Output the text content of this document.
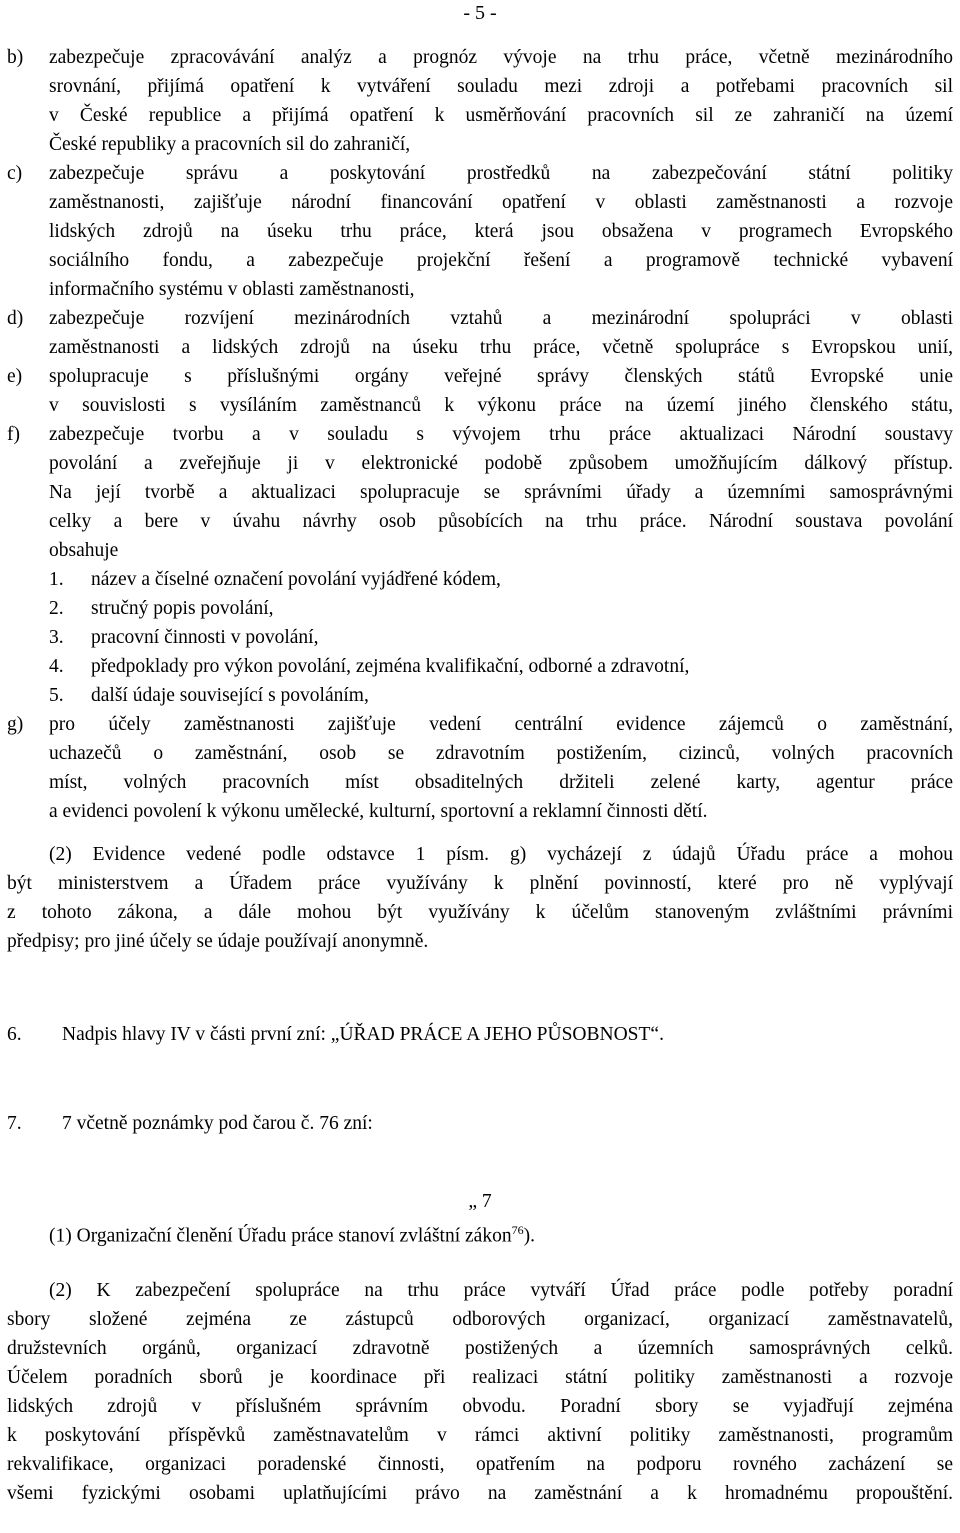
- 5 -
b)	zabezpečuje zpracovávání analýz a prognóz vývoje na trhu práce, včetně mezinárodního
srovnání, přijímá opatření k vytváření souladu mezi zdroji a potřebami pracovních sil
v České republice a přijímá opatření k usměrňování pracovních sil ze zahraničí na území
České republiky a pracovních sil do zahraničí,
c)	zabezpečuje správu a poskytování prostředků na zabezpečování státní politiky
zaměstnanosti, zajišťuje národní financování opatření v oblasti zaměstnanosti a rozvoje
lidských zdrojů na úseku trhu práce, která jsou obsažena v programech Evropského
sociálního fondu, a zabezpečuje projekční řešení a programově technické vybavení
informačního systému v oblasti zaměstnanosti,
d)	zabezpečuje rozvíjení mezinárodních vztahů a mezinárodní spolupráci v oblasti
zaměstnanosti a lidských zdrojů na úseku trhu práce, včetně spolupráce s Evropskou unií,
e)	spolupracuje s příslušnými orgány veřejné správy členských států Evropské unie
v souvislosti s vysíláním zaměstnanců k výkonu práce na území jiného členského státu,
f)	zabezpečuje tvorbu a v souladu s vývojem trhu práce aktualizaci Národní soustavy
povolání a zveřejňuje ji v elektronické podobě způsobem umožňujícím dálkový přístup.
Na její tvorbě a aktualizaci spolupracuje se správními úřady a územními samosprávnými
celky a bere v úvahu návrhy osob působících na trhu práce. Národní soustava povolání
obsahuje
1.	název a číselné označení povolání vyjádřené kódem,
2.	stručný popis povolání,
3.	pracovní činnosti v povolání,
4.	předpoklady pro výkon povolání, zejména kvalifikační, odborné a zdravotní,
5.	další údaje související s povoláním,
g)	pro účely zaměstnanosti zajišťuje vedení centrální evidence zájemců o zaměstnání,
uchazečů o zaměstnání, osob se zdravotním postižením, cizinců, volných pracovních
míst, volných pracovních míst obsaditelných držiteli zelené karty, agentur práce
a evidenci povolení k výkonu umělecké, kulturní, sportovní a reklamní činnosti dětí.
(2) Evidence vedené podle odstavce 1 písm. g) vycházejí z údajů Úřadu práce a mohou
být ministerstvem a Úřadem práce využívány k plnění povinností, které pro ně vyplývají
z tohoto zákona, a dále mohou být využívány k účelům stanoveným zvláštními právními
předpisy; pro jiné účely se údaje používají anonymně.
6.	Nadpis hlavy IV v části první zní: „ÚŘAD PRÁCE A JEHO PŮSOBNOST“.
7.	7 včetně poznámky pod čarou č. 76 zní:
„ 7
(1) Organizační členění Úřadu práce stanoví zvláštní zákon$^{76}$).
(2) K zabezpečení spolupráce na trhu práce vytváří Úřad práce podle potřeby poradní
sbory složené zejména ze zástupců odborových organizací, organizací zaměstnavatelů,
družstevních orgánů, organizací zdravotně postižených a územních samosprávných celků.
Účelem poradních sborů je koordinace při realizaci státní politiky zaměstnanosti a rozvoje
lidských zdrojů v příslušném správním obvodu. Poradní sbory se vyjadřují zejména
k poskytování příspěvků zaměstnavatelům v rámci aktivní politiky zaměstnanosti, programům
rekvalifikace, organizaci poradenské činnosti, opatřením na podporu rovného zacházení se
všemi fyzickými osobami uplatňujícími právo na zaměstnání a k hromadnému propouštění.
